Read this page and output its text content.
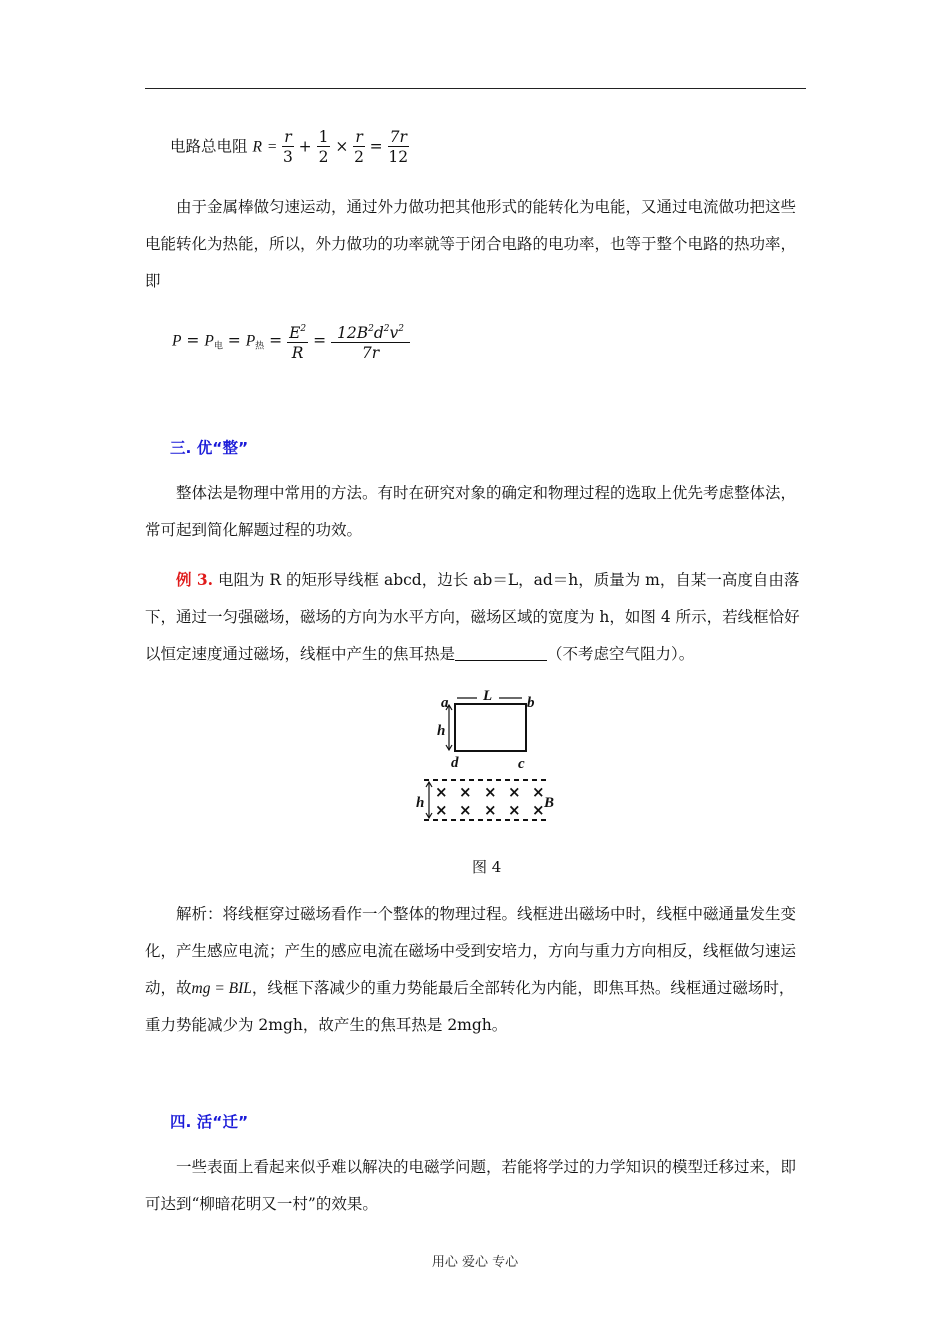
电路总电阻 $R = \frac{r}{3} + \frac{1}{2} \times \frac{r}{2} = \frac{7r}{12}$
由于金属棒做匀速运动，通过外力做功把其他形式的能转化为电能，又通过电流做功把这些电能转化为热能，所以，外力做功的功率就等于闭合电路的电功率，也等于整个电路的热功率，即
$P = P_电 = P_热 = \frac{E^2}{R} = \frac{12B^2d^2v^2}{7r}$
三. 优“整”
整体法是物理中常用的方法。有时在研究对象的确定和物理过程的选取上优先考虑整体法，常可起到简化解题过程的功效。
例 3. 电阻为 R 的矩形导线框 abcd，边长 ab＝L，ad＝h，质量为 m，自某一高度自由落下，通过一匀强磁场，磁场的方向为水平方向，磁场区域的宽度为 h，如图 4 所示，若线框恰好以恒定速度通过磁场，线框中产生的焦耳热是	（不考虑空气阻力）。
a L b
h
d	c
h	B
× × × × ×
× × × × ×
图 4
解析：将线框穿过磁场看作一个整体的物理过程。线框进出磁场中时，线框中磁通量发生变化，产生感应电流；产生的感应电流在磁场中受到安培力，方向与重力方向相反，线框做匀速运动，故mg = BIL，线框下落减少的重力势能最后全部转化为内能，即焦耳热。线框通过磁场时，重力势能减少为 2mgh，故产生的焦耳热是 2mgh。
四. 活“迁”
一些表面上看起来似乎难以解决的电磁学问题，若能将学过的力学知识的模型迁移过来，即可达到“柳暗花明又一村”的效果。
用心 爱心 专心
